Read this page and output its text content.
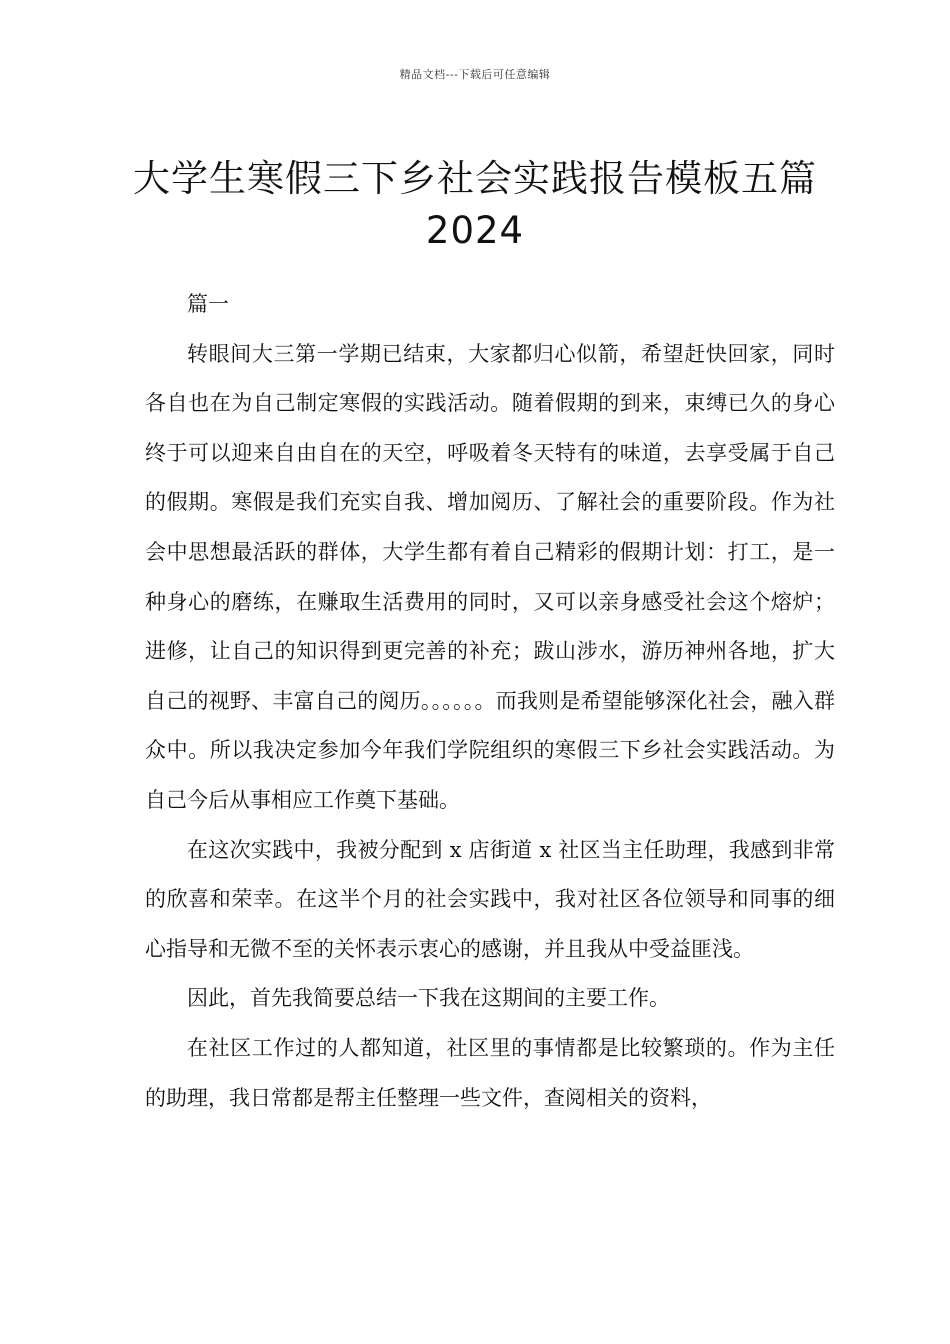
精品文档---下载后可任意编辑
大学生寒假三下乡社会实践报告模板五篇2024

篇一

转眼间大三第一学期已结束，大家都归心似箭，希望赶快回家，同时各自也在为自己制定寒假的实践活动。随着假期的到来，束缚已久的身心终于可以迎来自由自在的天空，呼吸着冬天特有的味道，去享受属于自己的假期。寒假是我们充实自我、增加阅历、了解社会的重要阶段。作为社会中思想最活跃的群体，大学生都有着自己精彩的假期计划：打工，是一种身心的磨练，在赚取生活费用的同时，又可以亲身感受社会这个熔炉；进修，让自己的知识得到更完善的补充；跋山涉水，游历神州各地，扩大自己的视野、丰富自己的阅历。。。。。。而我则是希望能够深化社会，融入群众中。所以我决定参加今年我们学院组织的寒假三下乡社会实践活动。为自己今后从事相应工作奠下基础。

在这次实践中，我被分配到 x 店街道 x 社区当主任助理，我感到非常的欣喜和荣幸。在这半个月的社会实践中，我对社区各位领导和同事的细心指导和无微不至的关怀表示衷心的感谢，并且我从中受益匪浅。

因此，首先我简要总结一下我在这期间的主要工作。

在社区工作过的人都知道，社区里的事情都是比较繁琐的。作为主任的助理，我日常都是帮主任整理一些文件，查阅相关的资料，
